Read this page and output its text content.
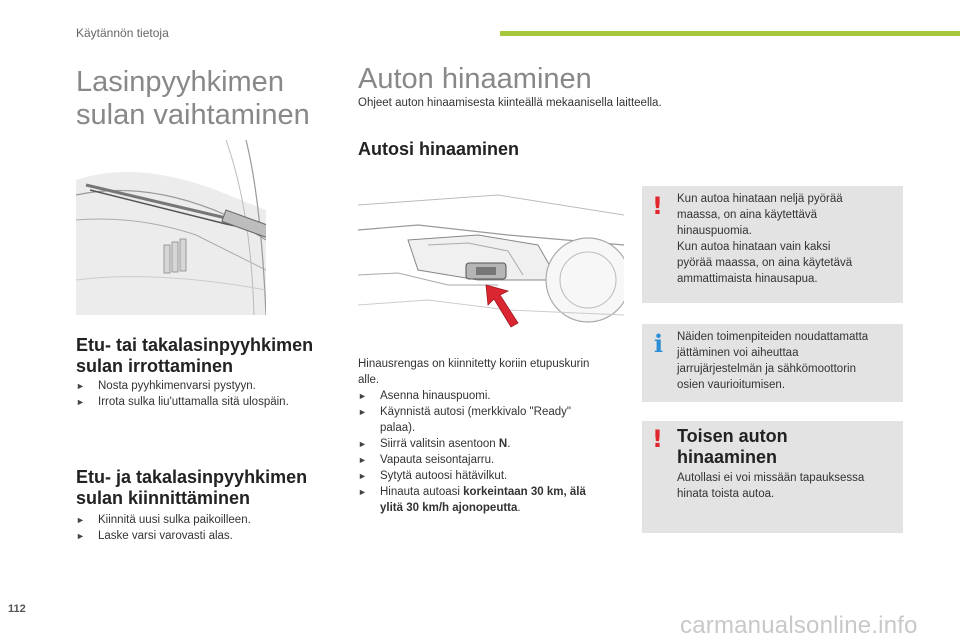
Käytännön tietoja
Lasinpyyhkimen
sulan vaihtaminen
Etu- tai takalasinpyyhkimen
sulan irrottaminen
► Nosta pyyhkimenvarsi pystyyn.
► Irrota sulka liu'uttamalla sitä ulospäin.
Etu- ja takalasinpyyhkimen
sulan kiinnittäminen
► Kiinnitä uusi sulka paikoilleen.
► Laske varsi varovasti alas.
Auton hinaaminen
Ohjeet auton hinaamisesta kiinteällä mekaanisella laitteella.
Autosi hinaaminen
Hinausrengas on kiinnitetty koriin etupuskurin
alle.
► Asenna hinauspuomi.
► Käynnistä autosi (merkkivalo "Ready"
palaa).
► Siirrä valitsin asentoon N.
► Vapauta seisontajarru.
► Sytytä autoosi hätävilkut.
► Hinauta autoasi korkeintaan 30 km, älä
ylitä 30 km/h ajonopeutta.
! Kun autoa hinataan neljä pyörää
maassa, on aina käytettävä
hinauspuomia.
Kun autoa hinataan vain kaksi
pyörää maassa, on aina käytetävä
ammattimaista hinausapua.
i Näiden toimenpiteiden noudattamatta
jättäminen voi aiheuttaa
jarrujärjestelmän ja sähkömoottorin
osien vaurioitumisen.
! Toisen auton
hinaaminen
Autollasi ei voi missään tapauksessa
hinata toista autoa.
112
carmanualsonline.info
